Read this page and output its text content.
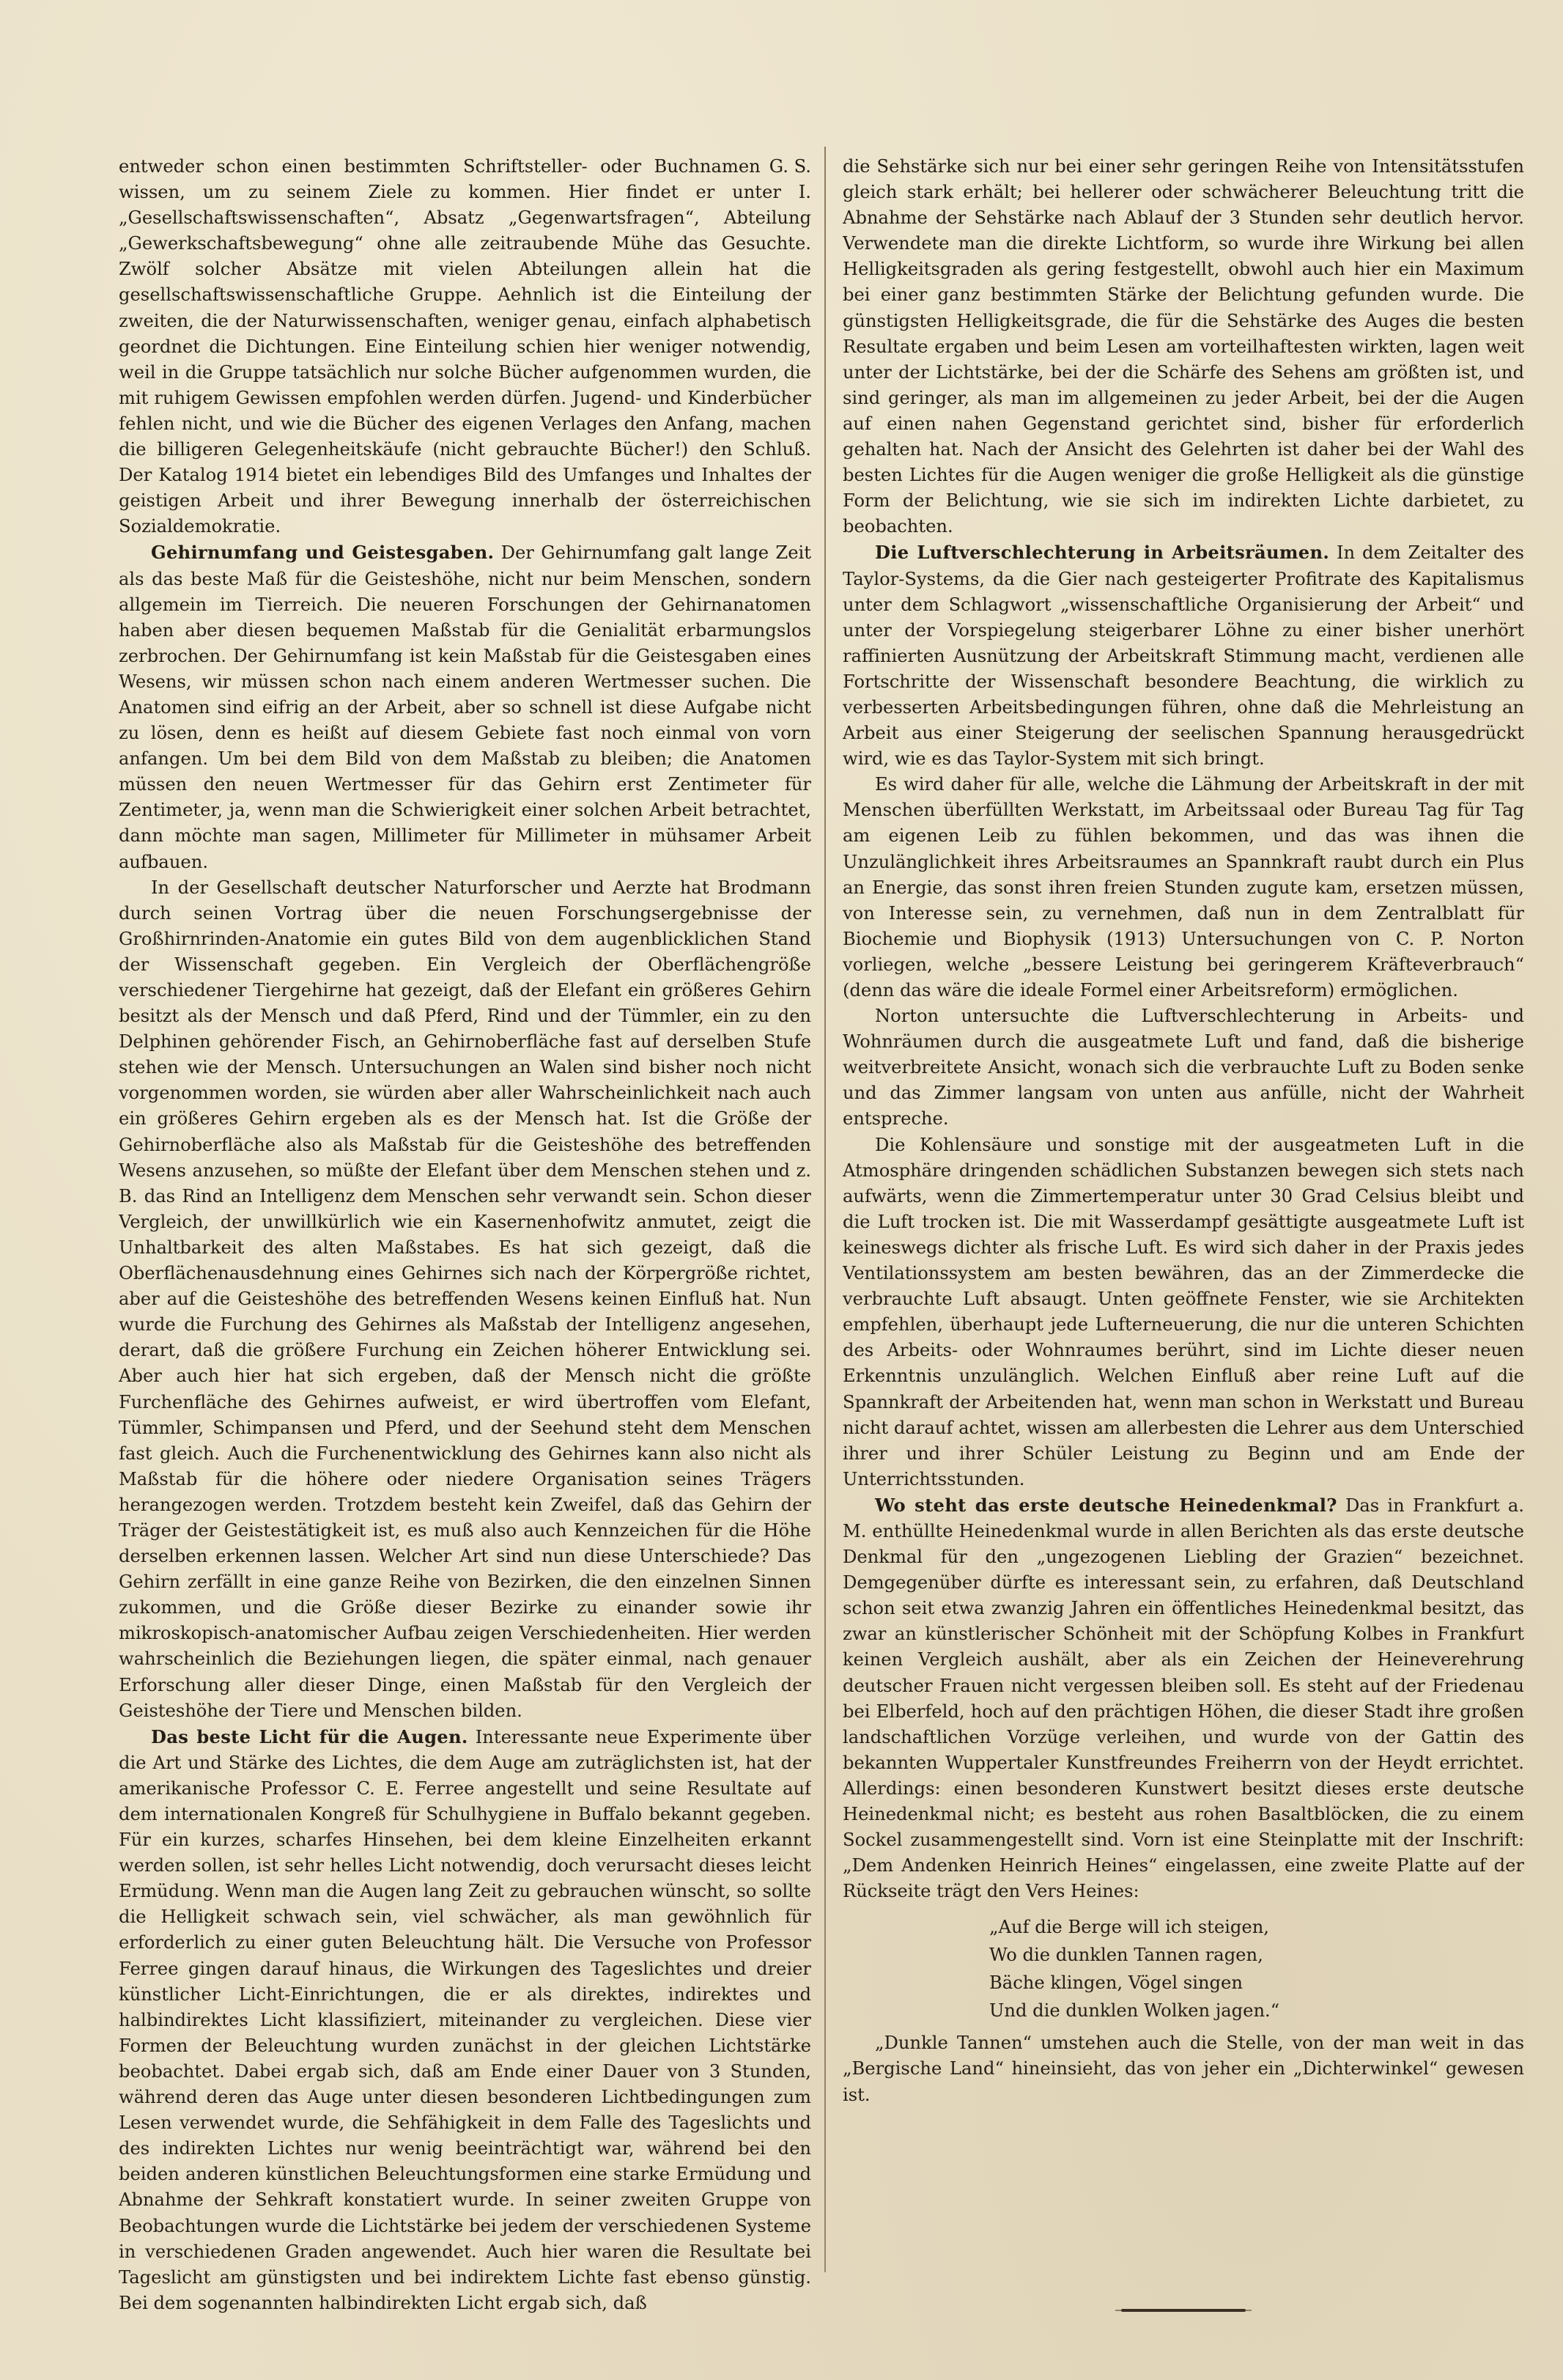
G. S.
entweder schon einen bestimmten Schriftsteller- oder Buchnamen wissen, um zu seinem Ziele zu kommen. Hier findet er unter I. „Gesellschaftswissenschaften“, Absatz „Gegenwartsfragen“, Abteilung „Gewerkschaftsbewegung“ ohne alle zeitraubende Mühe das Gesuchte. Zwölf solcher Absätze mit vielen Abteilungen allein hat die gesellschaftswissenschaftliche Gruppe. Aehnlich ist die Einteilung der zweiten, die der Naturwissenschaften, weniger genau, einfach alphabetisch geordnet die Dichtungen. Eine Einteilung schien hier weniger notwendig, weil in die Gruppe tatsächlich nur solche Bücher aufgenommen wurden, die mit ruhigem Gewissen empfohlen werden dürfen. Jugend- und Kinderbücher fehlen nicht, und wie die Bücher des eigenen Verlages den Anfang, machen die billigeren Gelegenheitskäufe (nicht gebrauchte Bücher!) den Schluß. Der Katalog 1914 bietet ein lebendiges Bild des Umfanges und Inhaltes der geistigen Arbeit und ihrer Bewegung innerhalb der österreichischen Sozialdemokratie.

Gehirnumfang und Geistesgaben. Der Gehirnumfang galt lange Zeit als das beste Maß für die Geisteshöhe, nicht nur beim Menschen, sondern allgemein im Tierreich. Die neueren Forschungen der Gehirnanatomen haben aber diesen bequemen Maßstab für die Genialität erbarmungslos zerbrochen. Der Gehirnumfang ist kein Maßstab für die Geistesgaben eines Wesens, wir müssen schon nach einem anderen Wertmesser suchen. Die Anatomen sind eifrig an der Arbeit, aber so schnell ist diese Aufgabe nicht zu lösen, denn es heißt auf diesem Gebiete fast noch einmal von vorn anfangen. Um bei dem Bild von dem Maßstab zu bleiben; die Anatomen müssen den neuen Wertmesser für das Gehirn erst Zentimeter für Zentimeter, ja, wenn man die Schwierigkeit einer solchen Arbeit betrachtet, dann möchte man sagen, Millimeter für Millimeter in mühsamer Arbeit aufbauen.

In der Gesellschaft deutscher Naturforscher und Aerzte hat Brodmann durch seinen Vortrag über die neuen Forschungsergebnisse der Großhirnrinden-Anatomie ein gutes Bild von dem augenblicklichen Stand der Wissenschaft gegeben. Ein Vergleich der Oberflächengröße verschiedener Tiergehirne hat gezeigt, daß der Elefant ein größeres Gehirn besitzt als der Mensch und daß Pferd, Rind und der Tümmler, ein zu den Delphinen gehörender Fisch, an Gehirnoberfläche fast auf derselben Stufe stehen wie der Mensch. Untersuchungen an Walen sind bisher noch nicht vorgenommen worden, sie würden aber aller Wahrscheinlichkeit nach auch ein größeres Gehirn ergeben als es der Mensch hat. Ist die Größe der Gehirnoberfläche also als Maßstab für die Geisteshöhe des betreffenden Wesens anzusehen, so müßte der Elefant über dem Menschen stehen und z. B. das Rind an Intelligenz dem Menschen sehr verwandt sein. Schon dieser Vergleich, der unwillkürlich wie ein Kasernenhofwitz anmutet, zeigt die Unhaltbarkeit des alten Maßstabes. Es hat sich gezeigt, daß die Oberflächenausdehnung eines Gehirnes sich nach der Körpergröße richtet, aber auf die Geisteshöhe des betreffenden Wesens keinen Einfluß hat. Nun wurde die Furchung des Gehirnes als Maßstab der Intelligenz angesehen, derart, daß die größere Furchung ein Zeichen höherer Entwicklung sei. Aber auch hier hat sich ergeben, daß der Mensch nicht die größte Furchenfläche des Gehirnes aufweist, er wird übertroffen vom Elefant, Tümmler, Schimpansen und Pferd, und der Seehund steht dem Menschen fast gleich. Auch die Furchenentwicklung des Gehirnes kann also nicht als Maßstab für die höhere oder niedere Organisation seines Trägers herangezogen werden. Trotzdem besteht kein Zweifel, daß das Gehirn der Träger der Geistestätigkeit ist, es muß also auch Kennzeichen für die Höhe derselben erkennen lassen. Welcher Art sind nun diese Unterschiede? Das Gehirn zerfällt in eine ganze Reihe von Bezirken, die den einzelnen Sinnen zukommen, und die Größe dieser Bezirke zu einander sowie ihr mikroskopisch-anatomischer Aufbau zeigen Verschiedenheiten. Hier werden wahrscheinlich die Beziehungen liegen, die später einmal, nach genauer Erforschung aller dieser Dinge, einen Maßstab für den Vergleich der Geisteshöhe der Tiere und Menschen bilden.

Das beste Licht für die Augen. Interessante neue Experimente über die Art und Stärke des Lichtes, die dem Auge am zuträglichsten ist, hat der amerikanische Professor C. E. Ferree angestellt und seine Resultate auf dem internationalen Kongreß für Schulhygiene in Buffalo bekannt gegeben. Für ein kurzes, scharfes Hinsehen, bei dem kleine Einzelheiten erkannt werden sollen, ist sehr helles Licht notwendig, doch verursacht dieses leicht Ermüdung. Wenn man die Augen lang Zeit zu gebrauchen wünscht, so sollte die Helligkeit schwach sein, viel schwächer, als man gewöhnlich für erforderlich zu einer guten Beleuchtung hält. Die Versuche von Professor Ferree gingen darauf hinaus, die Wirkungen des Tageslichtes und dreier künstlicher Licht-Einrichtungen, die er als direktes, indirektes und halbindirektes Licht klassifiziert, miteinander zu vergleichen. Diese vier Formen der Beleuchtung wurden zunächst in der gleichen Lichtstärke beobachtet. Dabei ergab sich, daß am Ende einer Dauer von 3 Stunden, während deren das Auge unter diesen besonderen Lichtbedingungen zum Lesen verwendet wurde, die Sehfähigkeit in dem Falle des Tageslichts und des indirekten Lichtes nur wenig beeinträchtigt war, während bei den beiden anderen künstlichen Beleuchtungsformen eine starke Ermüdung und Abnahme der Sehkraft konstatiert wurde. In seiner zweiten Gruppe von Beobachtungen wurde die Lichtstärke bei jedem der verschiedenen Systeme in verschiedenen Graden angewendet. Auch hier waren die Resultate bei Tageslicht am günstigsten und bei indirektem Lichte fast ebenso günstig. Bei dem sogenannten halbindirekten Licht ergab sich, daß

die Sehstärke sich nur bei einer sehr geringen Reihe von Intensitätsstufen gleich stark erhält; bei hellerer oder schwächerer Beleuchtung tritt die Abnahme der Sehstärke nach Ablauf der 3 Stunden sehr deutlich hervor. Verwendete man die direkte Lichtform, so wurde ihre Wirkung bei allen Helligkeitsgraden als gering festgestellt, obwohl auch hier ein Maximum bei einer ganz bestimmten Stärke der Belichtung gefunden wurde. Die günstigsten Helligkeitsgrade, die für die Sehstärke des Auges die besten Resultate ergaben und beim Lesen am vorteilhaftesten wirkten, lagen weit unter der Lichtstärke, bei der die Schärfe des Sehens am größten ist, und sind geringer, als man im allgemeinen zu jeder Arbeit, bei der die Augen auf einen nahen Gegenstand gerichtet sind, bisher für erforderlich gehalten hat. Nach der Ansicht des Gelehrten ist daher bei der Wahl des besten Lichtes für die Augen weniger die große Helligkeit als die günstige Form der Belichtung, wie sie sich im indirekten Lichte darbietet, zu beobachten.

Die Luftverschlechterung in Arbeitsräumen. In dem Zeitalter des Taylor-Systems, da die Gier nach gesteigerter Profitrate des Kapitalismus unter dem Schlagwort „wissenschaftliche Organisierung der Arbeit“ und unter der Vorspiegelung steigerbarer Löhne zu einer bisher unerhört raffinierten Ausnützung der Arbeitskraft Stimmung macht, verdienen alle Fortschritte der Wissenschaft besondere Beachtung, die wirklich zu verbesserten Arbeitsbedingungen führen, ohne daß die Mehrleistung an Arbeit aus einer Steigerung der seelischen Spannung herausgedrückt wird, wie es das Taylor-System mit sich bringt.

Es wird daher für alle, welche die Lähmung der Arbeitskraft in der mit Menschen überfüllten Werkstatt, im Arbeitssaal oder Bureau Tag für Tag am eigenen Leib zu fühlen bekommen, und das was ihnen die Unzulänglichkeit ihres Arbeitsraumes an Spannkraft raubt durch ein Plus an Energie, das sonst ihren freien Stunden zugute kam, ersetzen müssen, von Interesse sein, zu vernehmen, daß nun in dem Zentralblatt für Biochemie und Biophysik (1913) Untersuchungen von C. P. Norton vorliegen, welche „bessere Leistung bei geringerem Kräfteverbrauch“ (denn das wäre die ideale Formel einer Arbeitsreform) ermöglichen.

Norton untersuchte die Luftverschlechterung in Arbeits- und Wohnräumen durch die ausgeatmete Luft und fand, daß die bisherige weitverbreitete Ansicht, wonach sich die verbrauchte Luft zu Boden senke und das Zimmer langsam von unten aus anfülle, nicht der Wahrheit entspreche.

Die Kohlensäure und sonstige mit der ausgeatmeten Luft in die Atmosphäre dringenden schädlichen Substanzen bewegen sich stets nach aufwärts, wenn die Zimmertemperatur unter 30 Grad Celsius bleibt und die Luft trocken ist. Die mit Wasserdampf gesättigte ausgeatmete Luft ist keineswegs dichter als frische Luft. Es wird sich daher in der Praxis jedes Ventilationssystem am besten bewähren, das an der Zimmerdecke die verbrauchte Luft absaugt. Unten geöffnete Fenster, wie sie Architekten empfehlen, überhaupt jede Lufterneuerung, die nur die unteren Schichten des Arbeits- oder Wohnraumes berührt, sind im Lichte dieser neuen Erkenntnis unzulänglich. Welchen Einfluß aber reine Luft auf die Spannkraft der Arbeitenden hat, wenn man schon in Werkstatt und Bureau nicht darauf achtet, wissen am allerbesten die Lehrer aus dem Unterschied ihrer und ihrer Schüler Leistung zu Beginn und am Ende der Unterrichtsstunden.

Wo steht das erste deutsche Heinedenkmal? Das in Frankfurt a. M. enthüllte Heinedenkmal wurde in allen Berichten als das erste deutsche Denkmal für den „ungezogenen Liebling der Grazien“ bezeichnet. Demgegenüber dürfte es interessant sein, zu erfahren, daß Deutschland schon seit etwa zwanzig Jahren ein öffentliches Heinedenkmal besitzt, das zwar an künstlerischer Schönheit mit der Schöpfung Kolbes in Frankfurt keinen Vergleich aushält, aber als ein Zeichen der Heineverehrung deutscher Frauen nicht vergessen bleiben soll. Es steht auf der Friedenau bei Elberfeld, hoch auf den prächtigen Höhen, die dieser Stadt ihre großen landschaftlichen Vorzüge verleihen, und wurde von der Gattin des bekannten Wuppertaler Kunstfreundes Freiherrn von der Heydt errichtet. Allerdings: einen besonderen Kunstwert besitzt dieses erste deutsche Heinedenkmal nicht; es besteht aus rohen Basaltblöcken, die zu einem Sockel zusammengestellt sind. Vorn ist eine Steinplatte mit der Inschrift: „Dem Andenken Heinrich Heines“ eingelassen, eine zweite Platte auf der Rückseite trägt den Vers Heines:

„Auf die Berge will ich steigen,
Wo die dunklen Tannen ragen,
Bäche klingen, Vögel singen
Und die dunklen Wolken jagen.“

„Dunkle Tannen“ umstehen auch die Stelle, von der man weit in das „Bergische Land“ hineinsieht, das von jeher ein „Dichterwinkel“ gewesen ist.
